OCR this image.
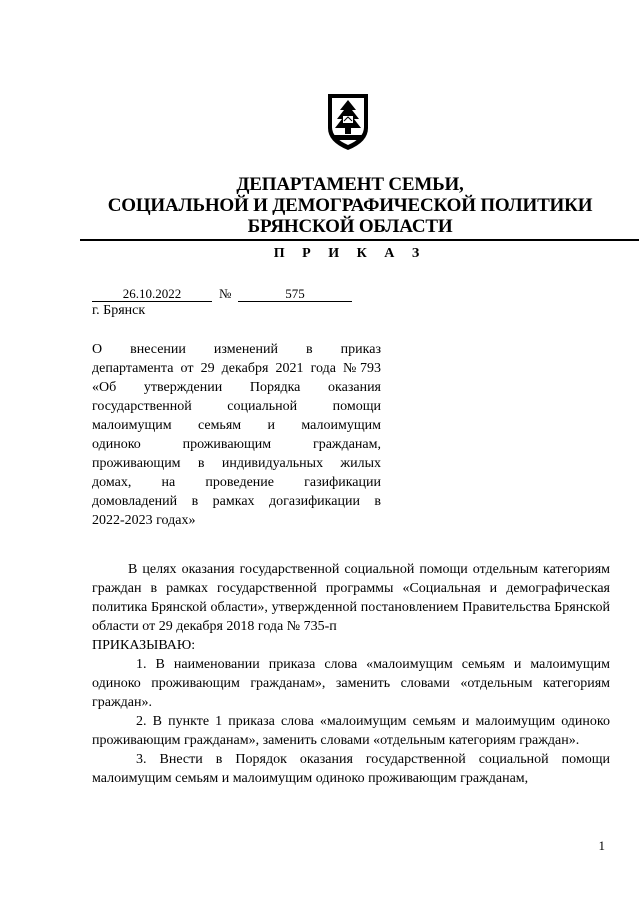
ДЕПАРТАМЕНТ СЕМЬИ,
СОЦИАЛЬНОЙ И ДЕМОГРАФИЧЕСКОЙ ПОЛИТИКИ
БРЯНСКОЙ ОБЛАСТИ
П Р И К А З
26.10.2022	№	575
г. Брянск
О внесении изменений в приказ
департамента от 29 декабря 2021 года №793
«Об утверждении Порядка оказания
государственной социальной помощи
малоимущим семьям и малоимущим
одиноко проживающим гражданам,
проживающим в индивидуальных жилых
домах, на проведение газификации
домовладений в рамках догазификации в
2022-2023 годах»

В целях оказания государственной социальной помощи отдельным категориям граждан в рамках государственной программы «Социальная и демографическая политика Брянской области», утвержденной постановлением Правительства Брянской области от 29 декабря 2018 года № 735-п

ПРИКАЗЫВАЮ:

1. В наименовании приказа слова «малоимущим семьям и малоимущим одиноко проживающим гражданам», заменить словами «отдельным категориям граждан».

2. В пункте 1 приказа слова «малоимущим семьям и малоимущим одиноко проживающим гражданам», заменить словами «отдельным категориям граждан».

3. Внести в Порядок оказания государственной социальной помощи малоимущим семьям и малоимущим одиноко проживающим гражданам,

1
